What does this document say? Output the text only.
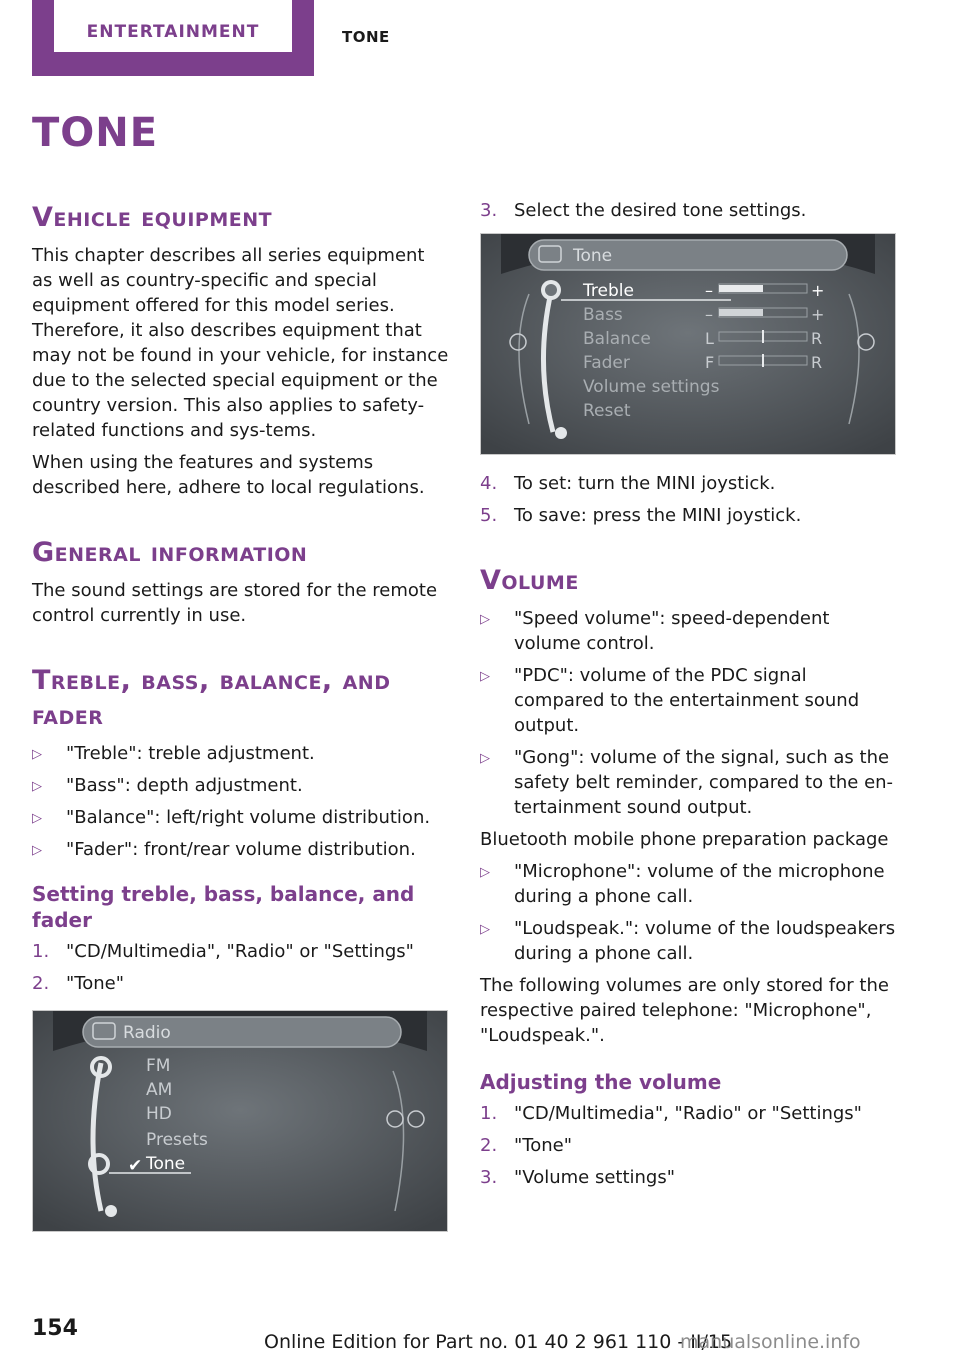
ENTERTAINMENT	TONE
TONE
Vehicle equipment

This chapter describes all series equipment as well as country-specific and special equipment offered for this model series. Therefore, it also describes equipment that may not be found in your vehicle, for instance due to the selected special equipment or the country version. This also applies to safety-related functions and sys-tems.

When using the features and systems described here, adhere to local regulations.

General information

The sound settings are stored for the remote control currently in use.

Treble, bass, balance, and fader
▷ "Treble": treble adjustment.
▷ "Bass": depth adjustment.
▷ "Balance": left/right volume distribution.
▷ "Fader": front/rear volume distribution.
Setting treble, bass, balance, and fader
1. "CD/Multimedia", "Radio" or "Settings"
2. "Tone"
Radio
FM
AM
HD
Presets
✔ Tone
3. Select the desired tone settings.
Tone
Treble
Bass
Balance
Fader
Volume settings
Reset
–
–
L
F
+
+
R
R
4. To set: turn the MINI joystick.
5. To save: press the MINI joystick.
Volume
▷ "Speed volume": speed-dependent volume control.
▷ "PDC": volume of the PDC signal compared to the entertainment sound output.
▷ "Gong": volume of the signal, such as the safety belt reminder, compared to the en-tertainment sound output.

Bluetooth mobile phone preparation package

▷ "Microphone": volume of the microphone during a phone call.
▷ "Loudspeak.": volume of the loudspeakers during a phone call.

The following volumes are only stored for the respective paired telephone: "Microphone", "Loudspeak.".

Adjusting the volume
1. "CD/Multimedia", "Radio" or "Settings"
2. "Tone"
3. "Volume settings"
154
Online Edition for Part no. 01 40 2 961 110 - II/15
manualsonline.info
